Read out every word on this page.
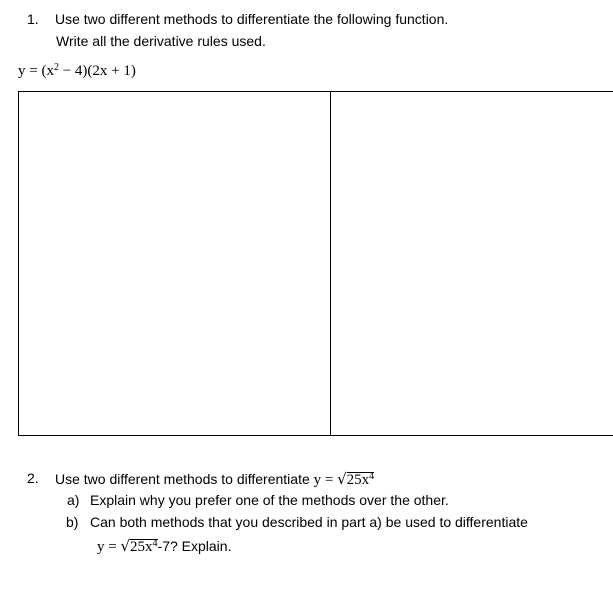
1. Use two different methods to differentiate the following function.
Write all the derivative rules used.
$y = (x^2 - 4)(2x + 1)$
2. Use two different methods to differentiate $y = √25x^4$
a) Explain why you prefer one of the methods over the other.
b) Can both methods that you described in part a) be used to differentiate
$y = √25x^4-7$? Explain.
